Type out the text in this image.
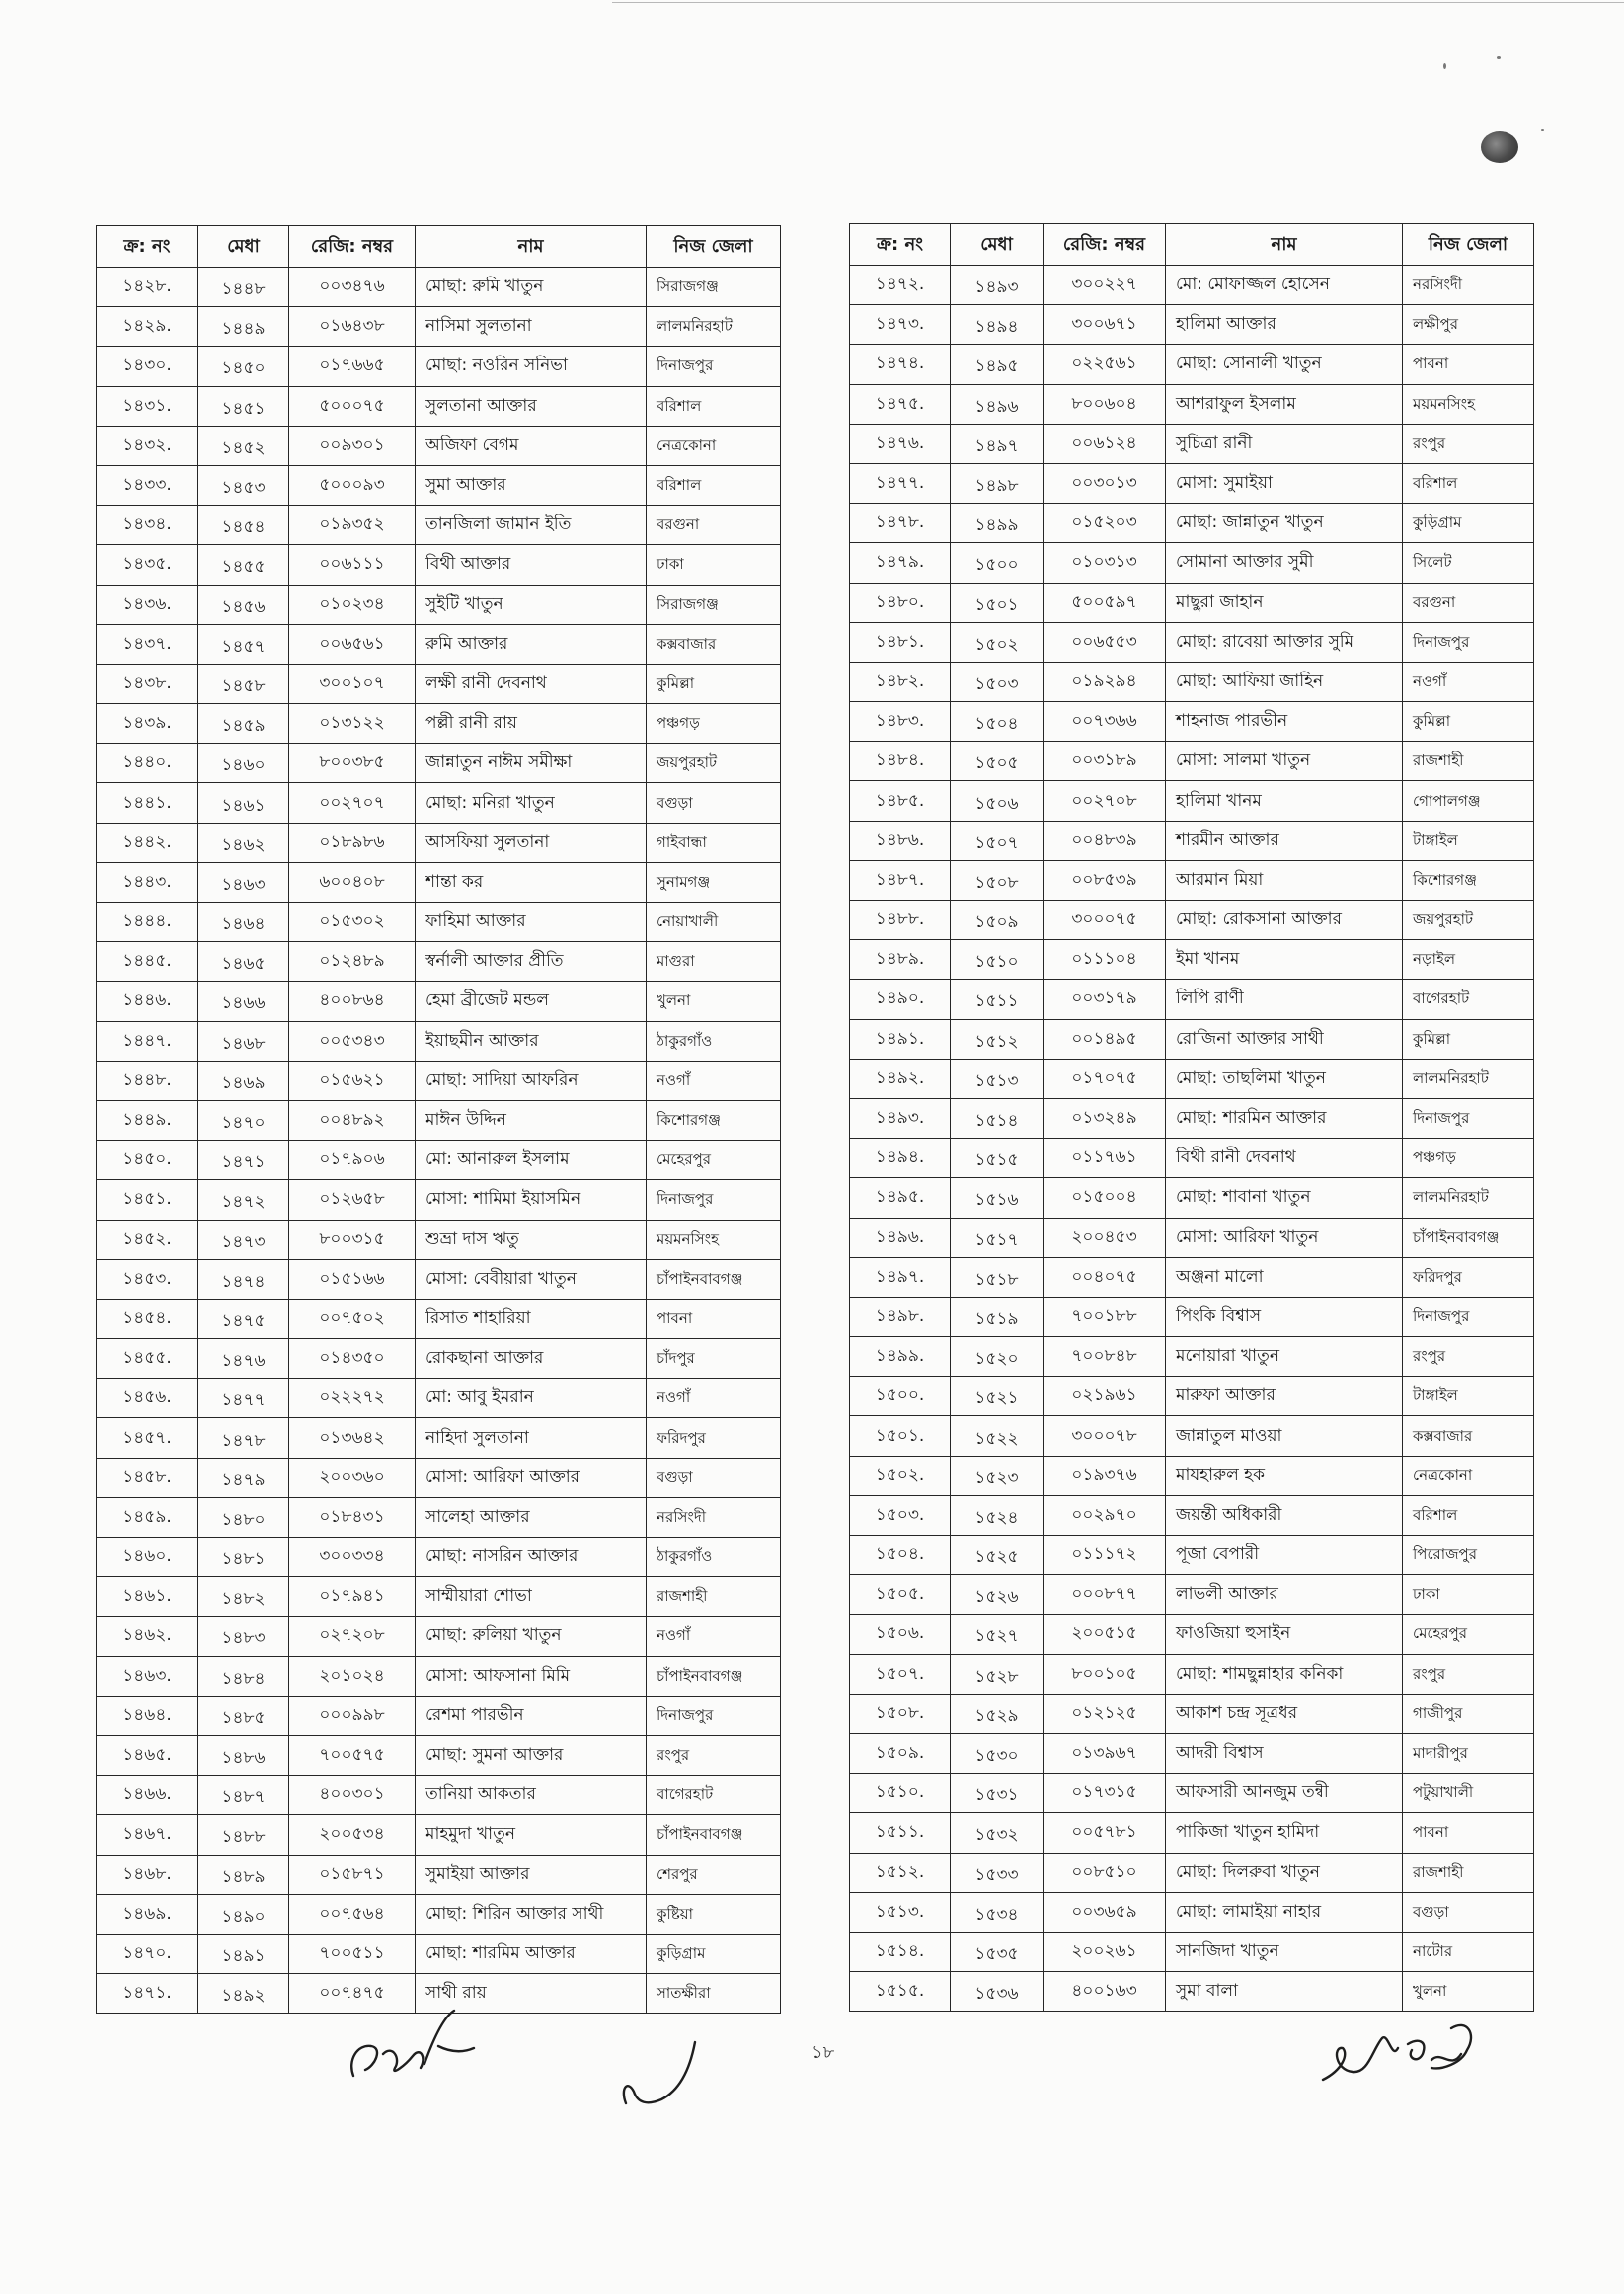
ক্র: নং	মেধা	রেজি: নম্বর	নাম	নিজ জেলা
১৪২৮.	১৪৪৮	০০৩৪৭৬	মোছা: রুমি খাতুন	সিরাজগঞ্জ
১৪২৯.	১৪৪৯	০১৬৪৩৮	নাসিমা সুলতানা	লালমনিরহাট
১৪৩০.	১৪৫০	০১৭৬৬৫	মোছা: নওরিন সনিভা	দিনাজপুর
১৪৩১.	১৪৫১	৫০০০৭৫	সুলতানা আক্তার	বরিশাল
১৪৩২.	১৪৫২	০০৯৩০১	অজিফা বেগম	নেত্রকোনা
১৪৩৩.	১৪৫৩	৫০০০৯৩	সুমা আক্তার	বরিশাল
১৪৩৪.	১৪৫৪	০১৯৩৫২	তানজিলা জামান ইতি	বরগুনা
১৪৩৫.	১৪৫৫	০০৬১১১	বিথী আক্তার	ঢাকা
১৪৩৬.	১৪৫৬	০১০২৩৪	সুইটি খাতুন	সিরাজগঞ্জ
১৪৩৭.	১৪৫৭	০০৬৫৬১	রুমি আক্তার	কক্সবাজার
১৪৩৮.	১৪৫৮	৩০০১০৭	লক্ষী রানী দেবনাথ	কুমিল্লা
১৪৩৯.	১৪৫৯	০১৩১২২	পল্লী রানী রায়	পঞ্চগড়
১৪৪০.	১৪৬০	৮০০৩৮৫	জান্নাতুন নাঈম সমীক্ষা	জয়পুরহাট
১৪৪১.	১৪৬১	০০২৭০৭	মোছা: মনিরা খাতুন	বগুড়া
১৪৪২.	১৪৬২	০১৮৯৮৬	আসফিয়া সুলতানা	গাইবান্ধা
১৪৪৩.	১৪৬৩	৬০০৪০৮	শান্তা কর	সুনামগঞ্জ
১৪৪৪.	১৪৬৪	০১৫৩০২	ফাহিমা আক্তার	নোয়াখালী
১৪৪৫.	১৪৬৫	০১২৪৮৯	স্বর্নালী আক্তার প্রীতি	মাগুরা
১৪৪৬.	১৪৬৬	৪০০৮৬৪	হেমা ব্রীজেট মন্ডল	খুলনা
১৪৪৭.	১৪৬৮	০০৫৩৪৩	ইয়াছমীন আক্তার	ঠাকুরগাঁও
১৪৪৮.	১৪৬৯	০১৫৬২১	মোছা: সাদিয়া আফরিন	নওগাঁ
১৪৪৯.	১৪৭০	০০৪৮৯২	মাঈন উদ্দিন	কিশোরগঞ্জ
১৪৫০.	১৪৭১	০১৭৯০৬	মো: আনারুল ইসলাম	মেহেরপুর
১৪৫১.	১৪৭২	০১২৬৫৮	মোসা: শামিমা ইয়াসমিন	দিনাজপুর
১৪৫২.	১৪৭৩	৮০০৩১৫	শুভ্রা দাস ঋতু	ময়মনসিংহ
১৪৫৩.	১৪৭৪	০১৫১৬৬	মোসা: বেবীয়ারা খাতুন	চাঁপাইনবাবগঞ্জ
১৪৫৪.	১৪৭৫	০০৭৫০২	রিসাত শাহারিয়া	পাবনা
১৪৫৫.	১৪৭৬	০১৪৩৫০	রোকছানা আক্তার	চাঁদপুর
১৪৫৬.	১৪৭৭	০২২২৭২	মো: আবু ইমরান	নওগাঁ
১৪৫৭.	১৪৭৮	০১৩৬৪২	নাহিদা সুলতানা	ফরিদপুর
১৪৫৮.	১৪৭৯	২০০৩৬০	মোসা: আরিফা আক্তার	বগুড়া
১৪৫৯.	১৪৮০	০১৮৪৩১	সালেহা আক্তার	নরসিংদী
১৪৬০.	১৪৮১	৩০০৩৩৪	মোছা: নাসরিন আক্তার	ঠাকুরগাঁও
১৪৬১.	১৪৮২	০১৭৯৪১	সাম্মীয়ারা শোভা	রাজশাহী
১৪৬২.	১৪৮৩	০২৭২০৮	মোছা: রুলিয়া খাতুন	নওগাঁ
১৪৬৩.	১৪৮৪	২০১০২৪	মোসা: আফসানা মিমি	চাঁপাইনবাবগঞ্জ
১৪৬৪.	১৪৮৫	০০০৯৯৮	রেশমা পারভীন	দিনাজপুর
১৪৬৫.	১৪৮৬	৭০০৫৭৫	মোছা: সুমনা আক্তার	রংপুর
১৪৬৬.	১৪৮৭	৪০০৩০১	তানিয়া আকতার	বাগেরহাট
১৪৬৭.	১৪৮৮	২০০৫৩৪	মাহমুদা খাতুন	চাঁপাইনবাবগঞ্জ
১৪৬৮.	১৪৮৯	০১৫৮৭১	সুমাইয়া আক্তার	শেরপুর
১৪৬৯.	১৪৯০	০০৭৫৬৪	মোছা: শিরিন আক্তার সাথী	কুষ্টিয়া
১৪৭০.	১৪৯১	৭০০৫১১	মোছা: শারমিম আক্তার	কুড়িগ্রাম
১৪৭১.	১৪৯২	০০৭৪৭৫	সাথী রায়	সাতক্ষীরা
ক্র: নং	মেধা	রেজি: নম্বর	নাম	নিজ জেলা
১৪৭২.	১৪৯৩	৩০০২২৭	মো: মোফাজ্জল হোসেন	নরসিংদী
১৪৭৩.	১৪৯৪	৩০০৬৭১	হালিমা আক্তার	লক্ষীপুর
১৪৭৪.	১৪৯৫	০২২৫৬১	মোছা: সোনালী খাতুন	পাবনা
১৪৭৫.	১৪৯৬	৮০০৬০৪	আশরাফুল ইসলাম	ময়মনসিংহ
১৪৭৬.	১৪৯৭	০০৬১২৪	সুচিত্রা রানী	রংপুর
১৪৭৭.	১৪৯৮	০০৩০১৩	মোসা: সুমাইয়া	বরিশাল
১৪৭৮.	১৪৯৯	০১৫২০৩	মোছা: জান্নাতুন খাতুন	কুড়িগ্রাম
১৪৭৯.	১৫০০	০১০৩১৩	সোমানা আক্তার সুমী	সিলেট
১৪৮০.	১৫০১	৫০০৫৯৭	মাছুরা জাহান	বরগুনা
১৪৮১.	১৫০২	০০৬৫৫৩	মোছা: রাবেয়া আক্তার সুমি	দিনাজপুর
১৪৮২.	১৫০৩	০১৯২৯৪	মোছা: আফিয়া জাহিন	নওগাঁ
১৪৮৩.	১৫০৪	০০৭৩৬৬	শাহনাজ পারভীন	কুমিল্লা
১৪৮৪.	১৫০৫	০০৩১৮৯	মোসা: সালমা খাতুন	রাজশাহী
১৪৮৫.	১৫০৬	০০২৭০৮	হালিমা খানম	গোপালগঞ্জ
১৪৮৬.	১৫০৭	০০৪৮৩৯	শারমীন আক্তার	টাঙ্গাইল
১৪৮৭.	১৫০৮	০০৮৫৩৯	আরমান মিয়া	কিশোরগঞ্জ
১৪৮৮.	১৫০৯	৩০০০৭৫	মোছা: রোকসানা আক্তার	জয়পুরহাট
১৪৮৯.	১৫১০	০১১১০৪	ইমা খানম	নড়াইল
১৪৯০.	১৫১১	০০৩১৭৯	লিপি রাণী	বাগেরহাট
১৪৯১.	১৫১২	০০১৪৯৫	রোজিনা আক্তার সাথী	কুমিল্লা
১৪৯২.	১৫১৩	০১৭০৭৫	মোছা: তাছলিমা খাতুন	লালমনিরহাট
১৪৯৩.	১৫১৪	০১৩২৪৯	মোছা: শারমিন আক্তার	দিনাজপুর
১৪৯৪.	১৫১৫	০১১৭৬১	বিথী রানী দেবনাথ	পঞ্চগড়
১৪৯৫.	১৫১৬	০১৫০০৪	মোছা: শাবানা খাতুন	লালমনিরহাট
১৪৯৬.	১৫১৭	২০০৪৫৩	মোসা: আরিফা খাতুন	চাঁপাইনবাবগঞ্জ
১৪৯৭.	১৫১৮	০০৪০৭৫	অঞ্জনা মালো	ফরিদপুর
১৪৯৮.	১৫১৯	৭০০১৮৮	পিংকি বিশ্বাস	দিনাজপুর
১৪৯৯.	১৫২০	৭০০৮৪৮	মনোয়ারা খাতুন	রংপুর
১৫০০.	১৫২১	০২১৯৬১	মারুফা আক্তার	টাঙ্গাইল
১৫০১.	১৫২২	৩০০০৭৮	জান্নাতুল মাওয়া	কক্সবাজার
১৫০২.	১৫২৩	০১৯৩৭৬	মাযহারুল হক	নেত্রকোনা
১৫০৩.	১৫২৪	০০২৯৭০	জয়ন্তী অধিকারী	বরিশাল
১৫০৪.	১৫২৫	০১১১৭২	পূজা বেপারী	পিরোজপুর
১৫০৫.	১৫২৬	০০০৮৭৭	লাভলী আক্তার	ঢাকা
১৫০৬.	১৫২৭	২০০৫১৫	ফাওজিয়া হুসাইন	মেহেরপুর
১৫০৭.	১৫২৮	৮০০১০৫	মোছা: শামছুন্নাহার কনিকা	রংপুর
১৫০৮.	১৫২৯	০১২১২৫	আকাশ চন্দ্র সূত্রধর	গাজীপুর
১৫০৯.	১৫৩০	০১৩৯৬৭	আদরী বিশ্বাস	মাদারীপুর
১৫১০.	১৫৩১	০১৭৩১৫	আফসারী আনজুম তন্বী	পটুয়াখালী
১৫১১.	১৫৩২	০০৫৭৮১	পাকিজা খাতুন হামিদা	পাবনা
১৫১২.	১৫৩৩	০০৮৫১০	মোছা: দিলরুবা খাতুন	রাজশাহী
১৫১৩.	১৫৩৪	০০৩৬৫৯	মোছা: লামাইয়া নাহার	বগুড়া
১৫১৪.	১৫৩৫	২০০২৬১	সানজিদা খাতুন	নাটোর
১৫১৫.	১৫৩৬	৪০০১৬৩	সুমা বালা	খুলনা
১৮
